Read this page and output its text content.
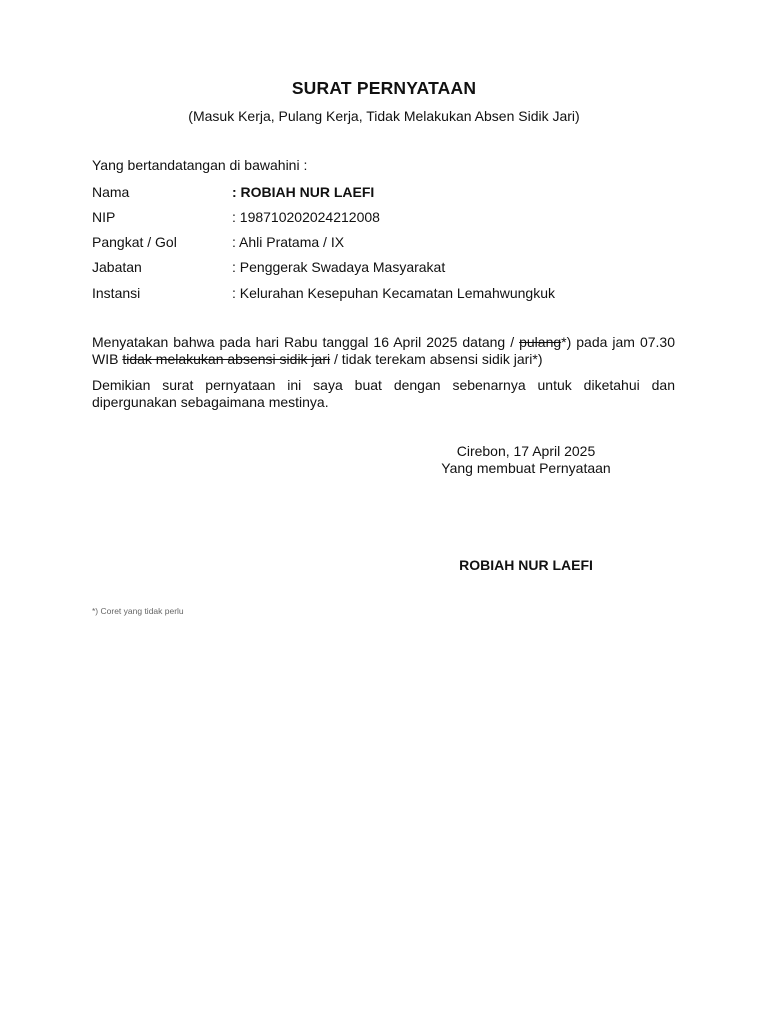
SURAT PERNYATAAN
(Masuk Kerja, Pulang Kerja, Tidak Melakukan Absen Sidik Jari)
Yang bertandatangan di bawahini :
Nama	: ROBIAH NUR LAEFI
NIP	: 198710202024212008
Pangkat / Gol	: Ahli Pratama / IX
Jabatan	: Penggerak Swadaya Masyarakat
Instansi	: Kelurahan Kesepuhan Kecamatan Lemahwungkuk
Menyatakan bahwa pada hari Rabu tanggal 16 April 2025 datang / pulang*) pada jam 07.30 WIB tidak melakukan absensi sidik jari / tidak terekam absensi sidik jari*)
Demikian surat pernyataan ini saya buat dengan sebenarnya untuk diketahui dan dipergunakan sebagaimana mestinya.
Cirebon, 17 April 2025
Yang membuat Pernyataan
ROBIAH NUR LAEFI
*) Coret yang tidak perlu
